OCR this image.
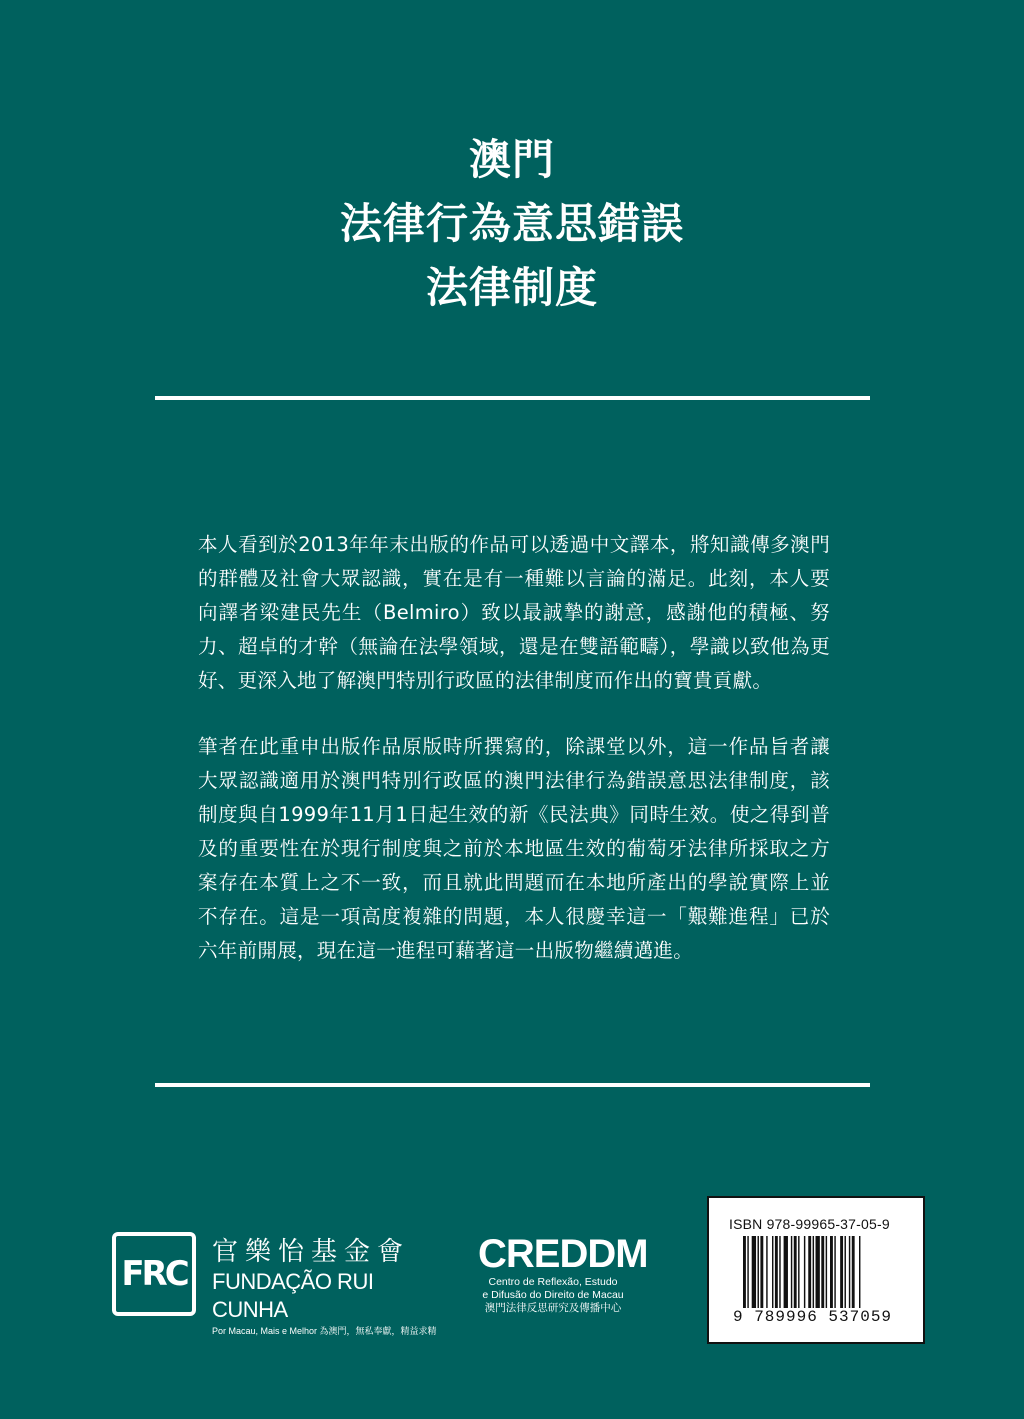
澳門
法律行為意思錯誤
法律制度

本人看到於2013年年末出版的作品可以透過中文譯本，將知識傳多澳門的群體及社會大眾認識，實在是有一種難以言論的滿足。此刻，本人要向譯者梁建民先生（Belmiro）致以最誠摯的謝意，感謝他的積極、努力、超卓的才幹（無論在法學領域，還是在雙語範疇），學識以致他為更好、更深入地了解澳門特別行政區的法律制度而作出的寶貴貢獻。

筆者在此重申出版作品原版時所撰寫的，除課堂以外，這一作品旨者讓大眾認識適用於澳門特別行政區的澳門法律行為錯誤意思法律制度，該制度與自1999年11月1日起生效的新《民法典》同時生效。使之得到普及的重要性在於現行制度與之前於本地區生效的葡萄牙法律所採取之方案存在本質上之不一致，而且就此問題而在本地所產出的學說實際上並不存在。這是一項高度複雜的問題，本人很慶幸這一「艱難進程」已於六年前開展，現在這一進程可藉著這一出版物繼續邁進。

FRC
官樂怡基金會
FUNDAÇÃO RUI CUNHA
Por Macau, Mais e Melhor 為澳門，無私奉獻，精益求精
CREDDM
Centro de Reflexão, Estudo
e Difusão do Direito de Macau
澳門法律反思研究及傳播中心
ISBN 978-99965-37-05-9
9 789996 537059
